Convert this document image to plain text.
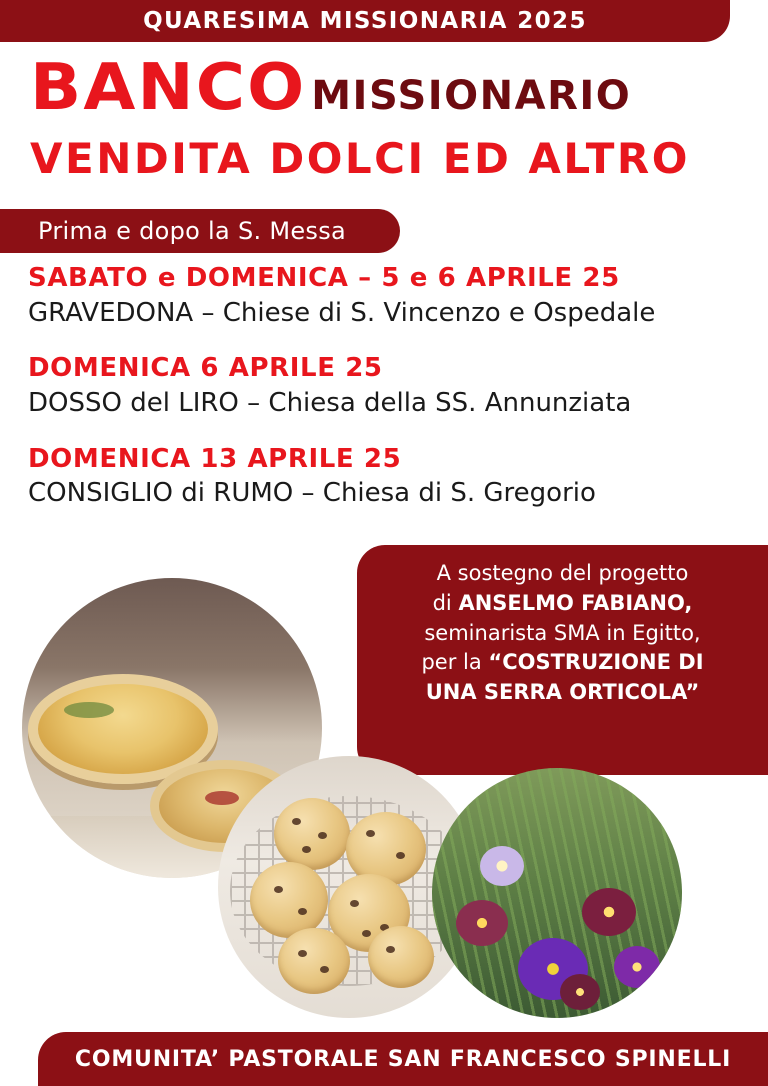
QUARESIMA MISSIONARIA 2025
BANCO MISSIONARIO
VENDITA DOLCI ED ALTRO
Prima e dopo la S. Messa
SABATO e DOMENICA – 5 e 6 APRILE 25
GRAVEDONA – Chiese di S. Vincenzo e Ospedale
DOMENICA 6 APRILE 25
DOSSO del LIRO – Chiesa della SS. Annunziata
DOMENICA 13 APRILE 25
CONSIGLIO di RUMO – Chiesa di S. Gregorio

A sostegno del progetto

di ANSELMO FABIANO,

seminarista SMA in Egitto,

per la “COSTRUZIONE DI

UNA SERRA ORTICOLA”

COMUNITA’ PASTORALE SAN FRANCESCO SPINELLI
